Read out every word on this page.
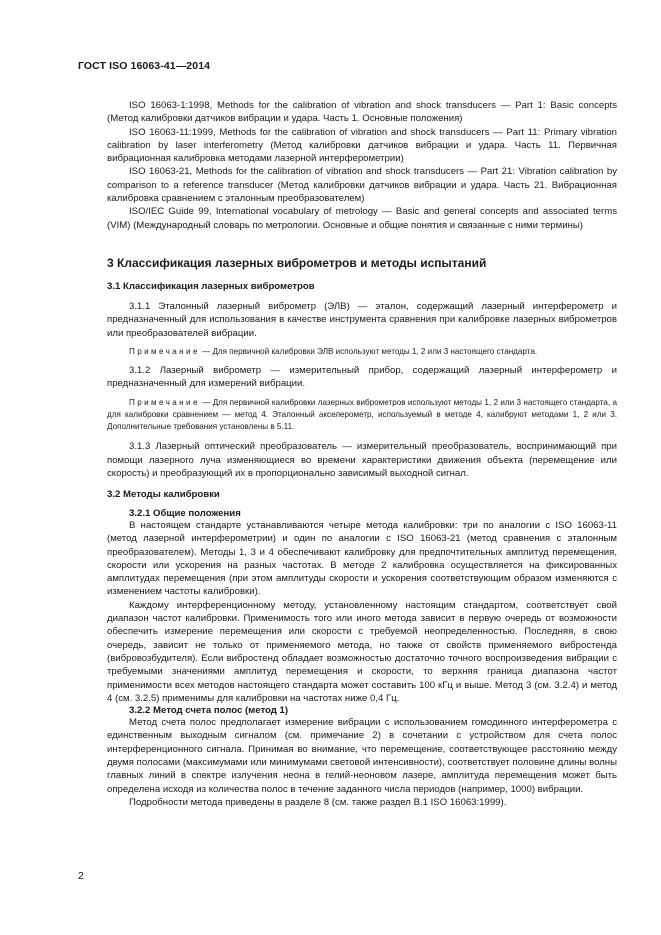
ГОСТ ISO 16063-41—2014

ISO 16063-1:1998, Methods for the calibration of vibration and shock transducers — Part 1: Basic concepts (Метод калибровки датчиков вибрации и удара. Часть 1. Основные положения)

ISO 16063-11:1999, Methods for the calibration of vibration and shock transducers — Part 11: Primary vibration calibration by laser interferometry (Метод калибровки датчиков вибрации и удара. Часть 11. Первичная вибрационная калибровка методами лазерной интерферометрии)

ISO 16063-21, Methods for the calibration of vibration and shock transducers — Part 21: Vibration calibration by comparison to a reference transducer (Метод калибровки датчиков вибрации и удара. Часть 21. Вибрационная калибровка сравнением с эталонным преобразователем)

ISO/IEC Guide 99, International vocabulary of metrology — Basic and general concepts and associated terms (VIM) (Международный словарь по метрологии. Основные и общие понятия и связанные с ними термины)

3 Классификация лазерных виброметров и методы испытаний
3.1 Классификация лазерных виброметров

3.1.1 Эталонный лазерный виброметр (ЭЛВ) — эталон, содержащий лазерный интерферометр и предназначенный для использования в качестве инструмента сравнения при калибровке лазерных виброметров или преобразователей вибрации.

Примечание — Для первичной калибровки ЭЛВ используют методы 1, 2 или 3 настоящего стандарта.

3.1.2 Лазерный виброметр — измерительный прибор, содержащий лазерный интерферометр и предназначенный для измерений вибрации.

Примечание — Для первичной калибровки лазерных виброметров используют методы 1, 2 или 3 настоящего стандарта, а для калибровки сравнением — метод 4. Эталонный акселерометр, используемый в методе 4, калибруют методами 1, 2 или 3. Дополнительные требования установлены в 5.11.

3.1.3 Лазерный оптический преобразователь — измерительный преобразователь, воспринимающий при помощи лазерного луча изменяющиеся во времени характеристики движения объекта (перемещение или скорость) и преобразующий их в пропорционально зависимый выходной сигнал.

3.2 Методы калибровки
3.2.1 Общие положения

В настоящем стандарте устанавливаются четыре метода калибровки: три по аналогии с ISO 16063-11 (метод лазерной интерферометрии) и один по аналогии с ISO 16063-21 (метод сравнения с эталонным преобразователем). Методы 1, 3 и 4 обеспечивают калибровку для предпочтительных амплитуд перемещения, скорости или ускорения на разных частотах. В методе 2 калибровка осуществляется на фиксированных амплитудах перемещения (при этом амплитуды скорости и ускорения соответствующим образом изменяются с изменением частоты калибровки).

Каждому интерференционному методу, установленному настоящим стандартом, соответствует свой диапазон частот калибровки. Применимость того или иного метода зависит в первую очередь от возможности обеспечить измерение перемещения или скорости с требуемой неопределенностью. Последняя, в свою очередь, зависит не только от применяемого метода, но также от свойств применяемого вибростенда (вибровозбудителя). Если вибростенд обладает возможностью достаточно точного воспроизведения вибрации с требуемыми значениями амплитуд перемещения и скорости, то верхняя граница диапазона частот применимости всех методов настоящего стандарта может составить 100 кГц и выше. Метод 3 (см. 3.2.4) и метод 4 (см. 3.2.5) применимы для калибровки на частотах ниже 0,4 Гц.

3.2.2 Метод счета полос (метод 1)

Метод счета полос предполагает измерение вибрации с использованием гомодинного интерферометра с единственным выходным сигналом (см. примечание 2) в сочетании с устройством для счета полос интерференционного сигнала. Принимая во внимание, что перемещение, соответствующее расстоянию между двумя полосами (максимумами или минимумами световой интенсивности), соответствует половине длины волны главных линий в спектре излучения неона в гелий-неоновом лазере, амплитуда перемещения может быть определена исходя из количества полос в течение заданного числа периодов (например, 1000) вибрации.

Подробности метода приведены в разделе 8 (см. также раздел В.1 ISO 16063:1999).

2
